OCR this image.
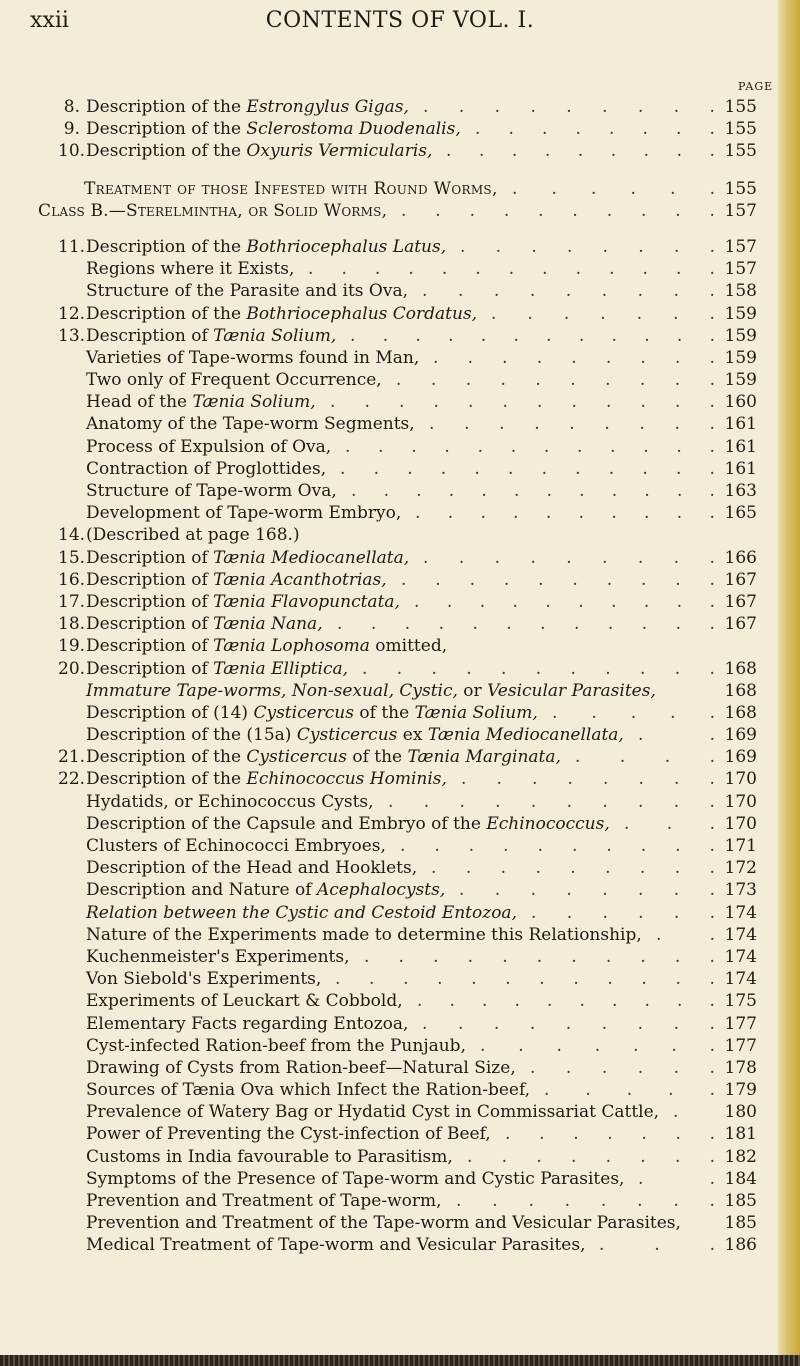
xxii	CONTENTS OF VOL. I.
PAGE
8. Description of the Estrongylus Gigas,	155
. . . . . . . . .
9. Description of the Sclerostoma Duodenalis,	155
. . . . . . . .
10. Description of the Oxyuris Vermicularis,	155
. . . . . . . . .
Treatment of those Infested with Round Worms,	155
. . . . . .
Class B.—Sterelmintha, or Solid Worms,	157
. . . . . . . . . .
11. Description of the Bothriocephalus Latus,	157
. . . . . . . .
Regions where it Exists,	157
. . . . . . . . . . . . .
Structure of the Parasite and its Ova,	158
. . . . . . . . .
12. Description of the Bothriocephalus Cordatus,	159
. . . . . . .
13. Description of Tænia Solium,	159
. . . . . . . . . . . .
Varieties of Tape-worms found in Man,	159
. . . . . . . . .
Two only of Frequent Occurrence,	159
. . . . . . . . . .
Head of the Tænia Solium,	160
. . . . . . . . . . . .
Anatomy of the Tape-worm Segments,	161
. . . . . . . . .
Process of Expulsion of Ova,	161
. . . . . . . . . . . .
Contraction of Proglottides,	161
. . . . . . . . . . . .
Structure of Tape-worm Ova,	163
. . . . . . . . . . . .
Development of Tape-worm Embryo,	165
. . . . . . . . . .
14. (Described at page 168.)
15. Description of Tænia Mediocanellata,	166
. . . . . . . . .
16. Description of Tænia Acanthotrias,	167
. . . . . . . . . .
17. Description of Tænia Flavopunctata,	167
. . . . . . . . . .
18. Description of Tænia Nana,	167
. . . . . . . . . . . .
19. Description of Tænia Lophosoma omitted,
20. Description of Tænia Elliptica,	168
. . . . . . . . . . .
Immature Tape-worms, Non-sexual, Cystic, or Vesicular Parasites,	168
Description of (14) Cysticercus of the Tænia Solium,	168
. . . . .
Description of the (15a) Cysticercus ex Tænia Mediocanellata,	169
.	.
21. Description of the Cysticercus of the Tænia Marginata,	169
. . . .
22. Description of the Echinococcus Hominis,	170
. . . . . . . .
Hydatids, or Echinococcus Cysts,	170
. . . . . . . . . .
Description of the Capsule and Embryo of the Echinococcus,	170
. . .
Clusters of Echinococci Embryoes,	171
. . . . . . . . . .
Description of the Head and Hooklets,	172
. . . . . . . . .
Description and Nature of Acephalocysts,	173
. . . . . . . .
Relation between the Cystic and Cestoid Entozoa,	174
. . . . . .
Nature of the Experiments made to determine this Relationship,	174
.	.
Kuchenmeister's Experiments,	174
. . . . . . . . . . .
Von Siebold's Experiments,	174
. . . . . . . . . . . .
Experiments of Leuckart & Cobbold,	175
. . . . . . . . . .
Elementary Facts regarding Entozoa,	177
. . . . . . . . .
Cyst-infected Ration-beef from the Punjaub,	177
. . . . . . .
Drawing of Cysts from Ration-beef—Natural Size,	178
. . . . . .
Sources of Tænia Ova which Infect the Ration-beef,	179
. . . . .
Prevalence of Watery Bag or Hydatid Cyst in Commissariat Cattle,	180
.
Power of Preventing the Cyst-infection of Beef,	181
. . . . . . .
Customs in India favourable to Parasitism,	182
. . . . . . . .
Symptoms of the Presence of Tape-worm and Cystic Parasites,	184
.	.
Prevention and Treatment of Tape-worm,	185
. . . . . . . .
Prevention and Treatment of the Tape-worm and Vesicular Parasites,	185
Medical Treatment of Tape-worm and Vesicular Parasites,	186
.	.	.
